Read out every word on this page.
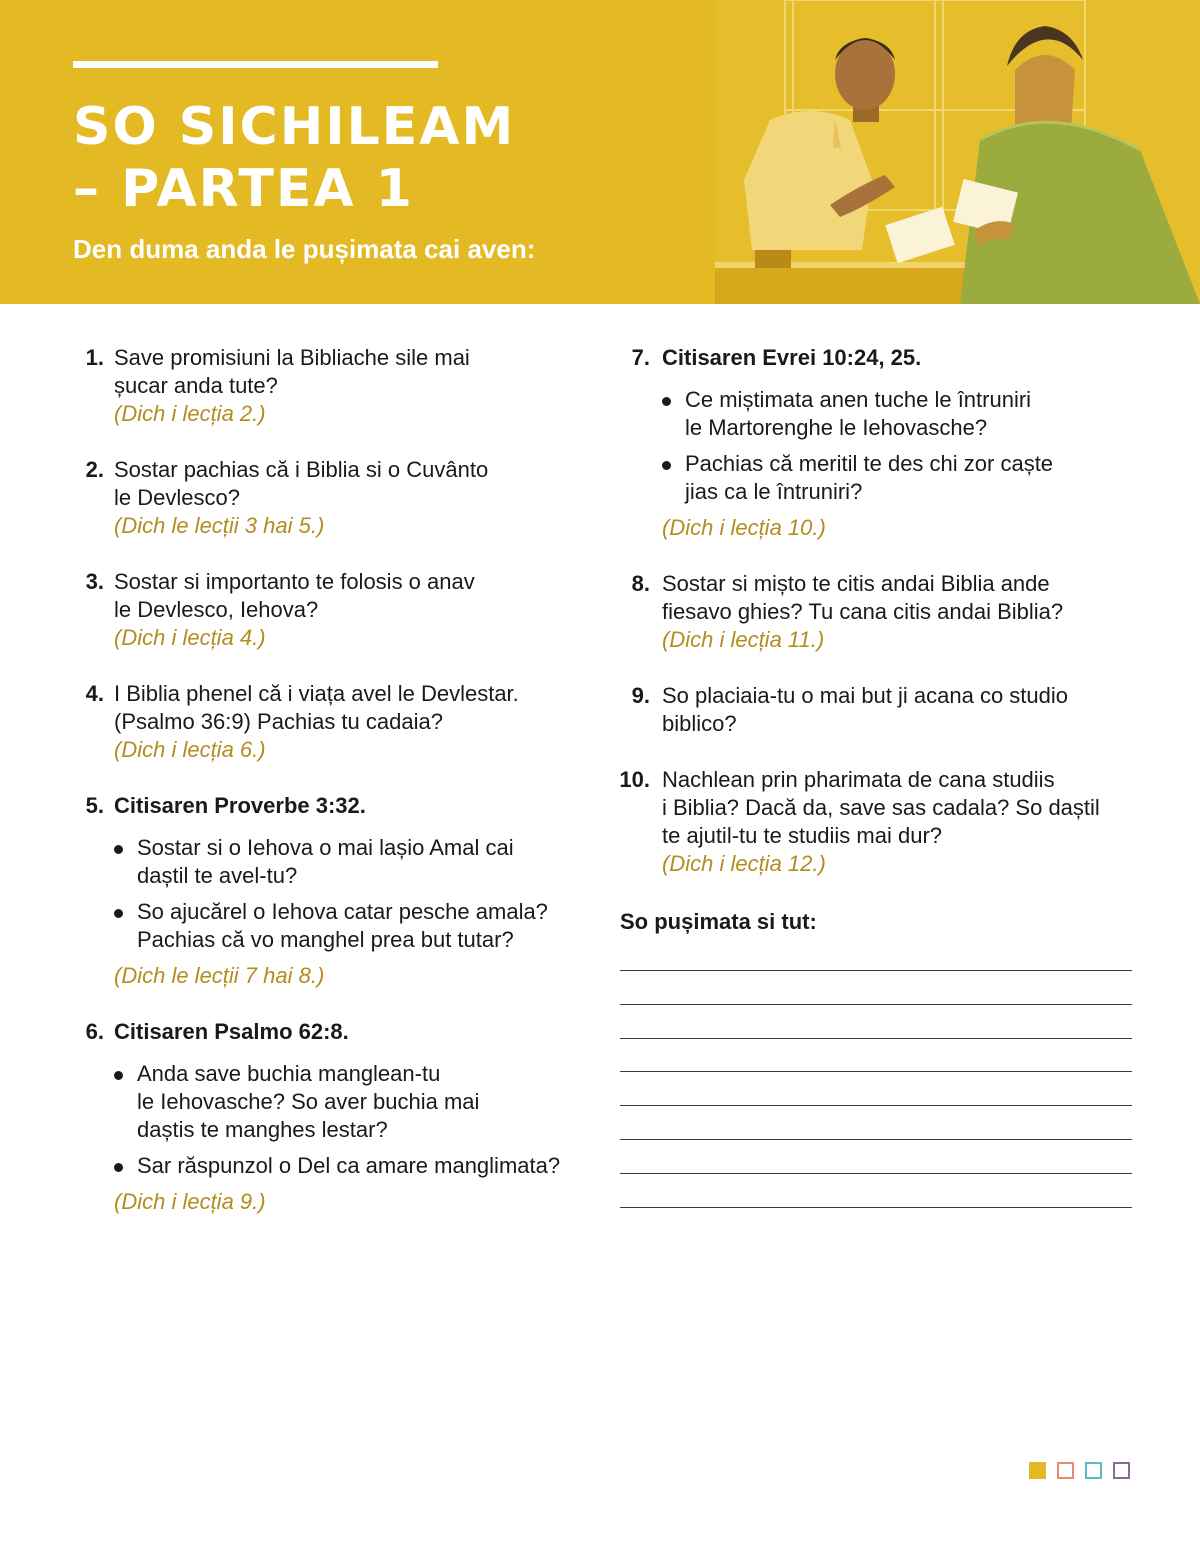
SO SICHILEAM
– PARTEA 1

Den duma anda le pușimata cai aven:

1. Save promisiuni la Bibliache sile mai
șucar anda tute?
(Dich i lecția 2.)
2. Sostar pachias că i Biblia si o Cuvânto
le Devlesco?
(Dich le lecții 3 hai 5.)
3. Sostar si importanto te folosis o anav
le Devlesco, Iehova?
(Dich i lecția 4.)
4. I Biblia phenel că i viața avel le Devlestar.
(Psalmo 36:9) Pachias tu cadaia?
(Dich i lecția 6.)
5. Citisaren Proverbe 3:32.
Sostar si o Iehova o mai lașio Amal cai
daștil te avel-tu?
So ajucărel o Iehova catar pesche amala?
Pachias că vo manghel prea but tutar?
(Dich le lecții 7 hai 8.)
6. Citisaren Psalmo 62:8.
Anda save buchia manglean-tu
le Iehovasche? So aver buchia mai
daștis te manghes lestar?
Sar răspunzol o Del ca amare manglimata?
(Dich i lecția 9.)
7. Citisaren Evrei 10:24, 25.
Ce miștimata anen tuche le întruniri
le Martorenghe le Iehovasche?
Pachias că meritil te des chi zor caște
jias ca le întruniri?
(Dich i lecția 10.)
8. Sostar si mișto te citis andai Biblia ande
fiesavo ghies? Tu cana citis andai Biblia?
(Dich i lecția 11.)
9. So placiaia-tu o mai but ji acana co studio
biblico?
10. Nachlean prin pharimata de cana studiis
i Biblia? Dacă da, save sas cadala? So daștil
te ajutil-tu te studiis mai dur?
(Dich i lecția 12.)

So pușimata si tut:
